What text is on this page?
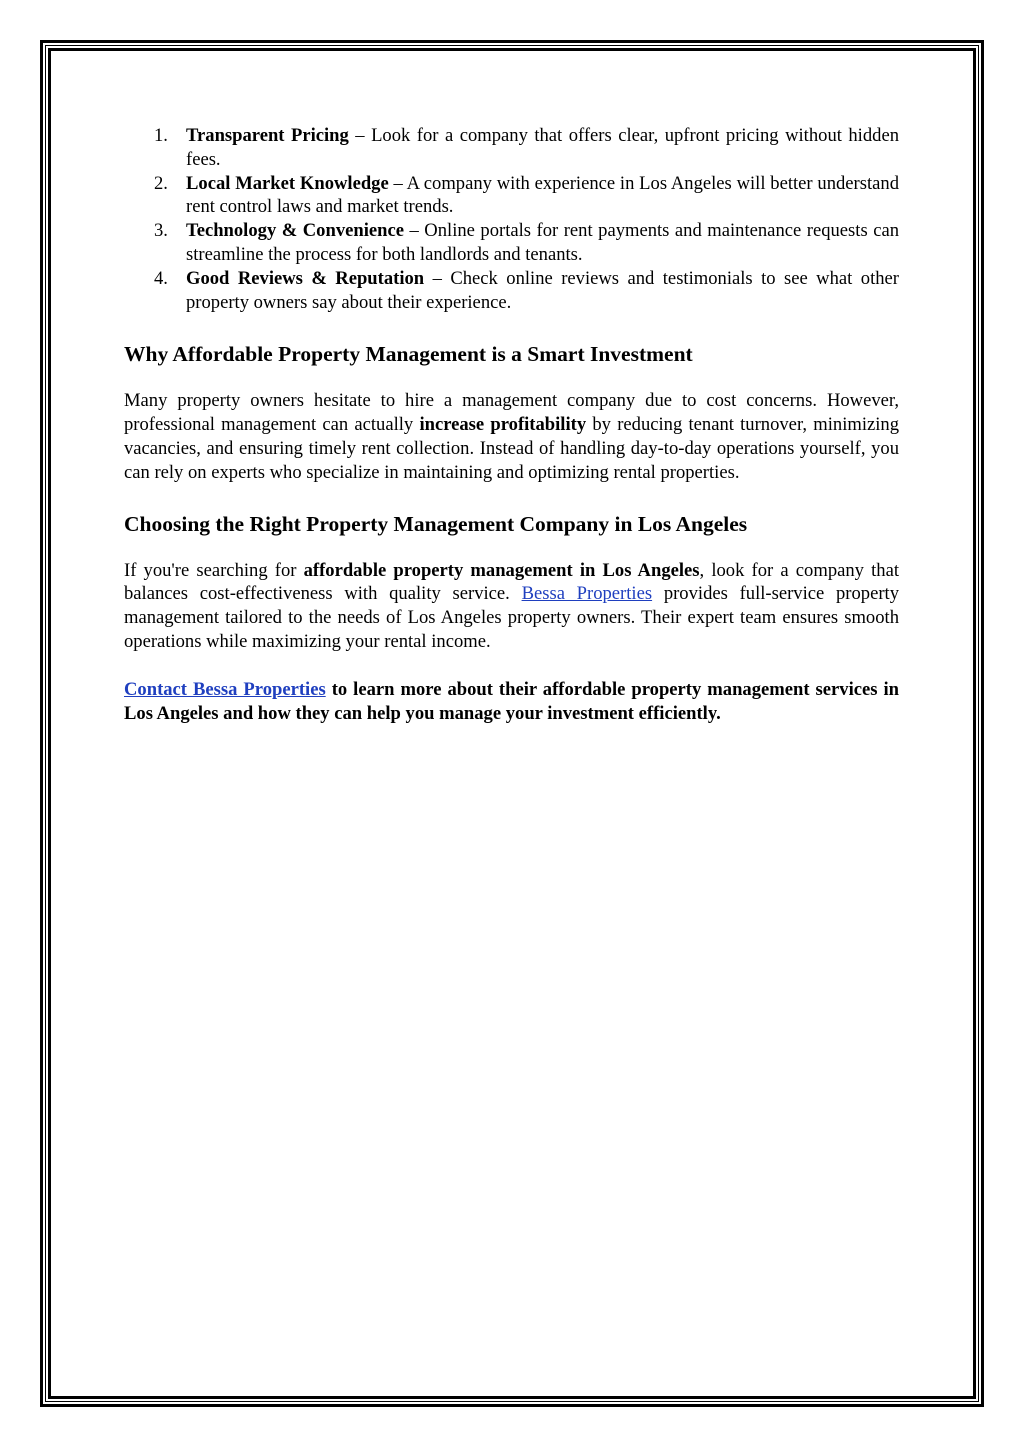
Transparent Pricing – Look for a company that offers clear, upfront pricing without hidden fees.
Local Market Knowledge – A company with experience in Los Angeles will better understand rent control laws and market trends.
Technology & Convenience – Online portals for rent payments and maintenance requests can streamline the process for both landlords and tenants.
Good Reviews & Reputation – Check online reviews and testimonials to see what other property owners say about their experience.
Why Affordable Property Management is a Smart Investment

Many property owners hesitate to hire a management company due to cost concerns. However, professional management can actually increase profitability by reducing tenant turnover, minimizing vacancies, and ensuring timely rent collection. Instead of handling day-to-day operations yourself, you can rely on experts who specialize in maintaining and optimizing rental properties.

Choosing the Right Property Management Company in Los Angeles

If you're searching for affordable property management in Los Angeles, look for a company that balances cost-effectiveness with quality service. Bessa Properties provides full-service property management tailored to the needs of Los Angeles property owners. Their expert team ensures smooth operations while maximizing your rental income.

Contact Bessa Properties to learn more about their affordable property management services in Los Angeles and how they can help you manage your investment efficiently.
